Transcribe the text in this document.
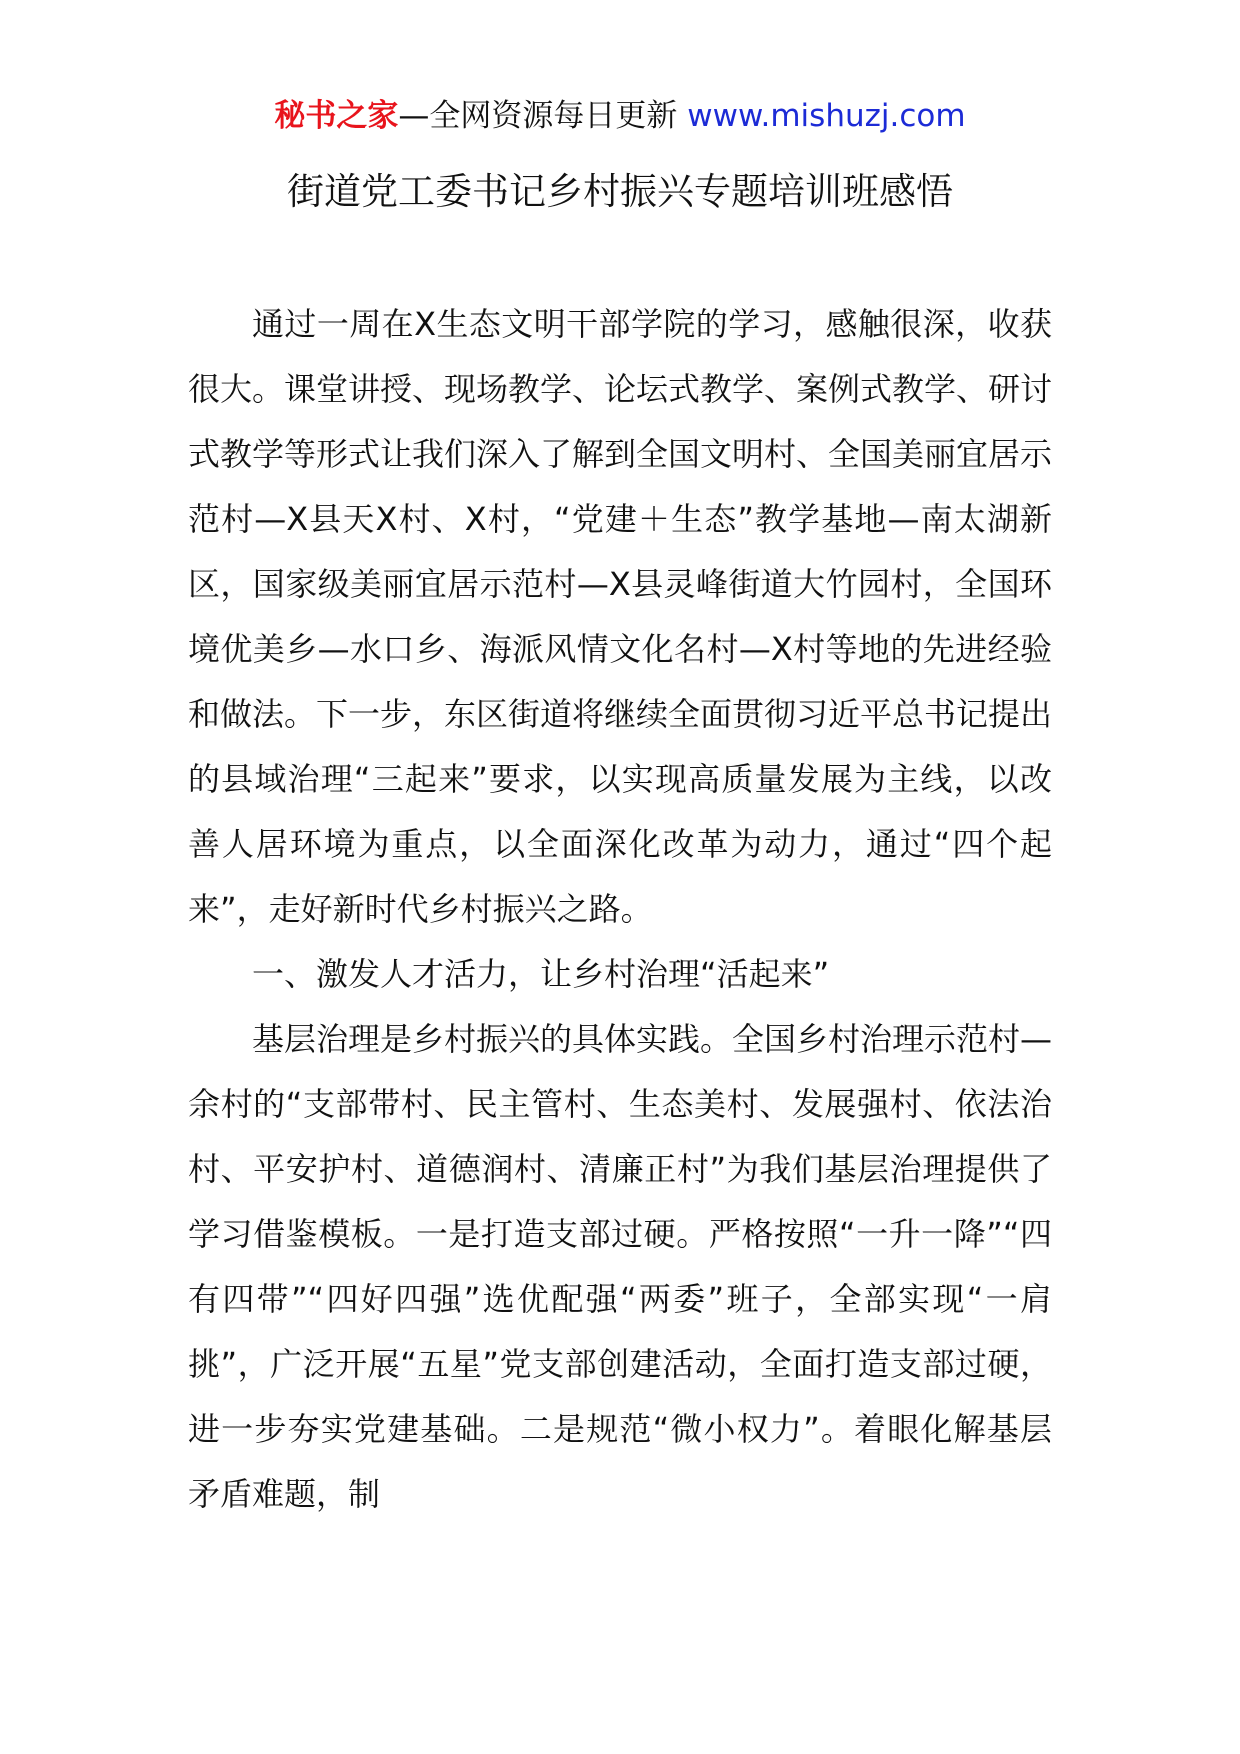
秘书之家—全网资源每日更新 www.mishuzj.com
街道党工委书记乡村振兴专题培训班感悟

通过一周在X生态文明干部学院的学习，感触很深，收获很大。课堂讲授、现场教学、论坛式教学、案例式教学、研讨式教学等形式让我们深入了解到全国文明村、全国美丽宜居示范村—X县天X村、X村，“党建＋生态”教学基地—南太湖新区，国家级美丽宜居示范村—X县灵峰街道大竹园村，全国环境优美乡—水口乡、海派风情文化名村—X村等地的先进经验和做法。下一步，东区街道将继续全面贯彻习近平总书记提出的县域治理“三起来”要求，以实现高质量发展为主线，以改善人居环境为重点，以全面深化改革为动力，通过“四个起来”，走好新时代乡村振兴之路。

一、激发人才活力，让乡村治理“活起来”

基层治理是乡村振兴的具体实践。全国乡村治理示范村—余村的“支部带村、民主管村、生态美村、发展强村、依法治村、平安护村、道德润村、清廉正村”为我们基层治理提供了学习借鉴模板。一是打造支部过硬。严格按照“一升一降”“四有四带”“四好四强”选优配强“两委”班子，全部实现“一肩挑”，广泛开展“五星”党支部创建活动，全面打造支部过硬，进一步夯实党建基础。二是规范“微小权力”。着眼化解基层矛盾难题，制
